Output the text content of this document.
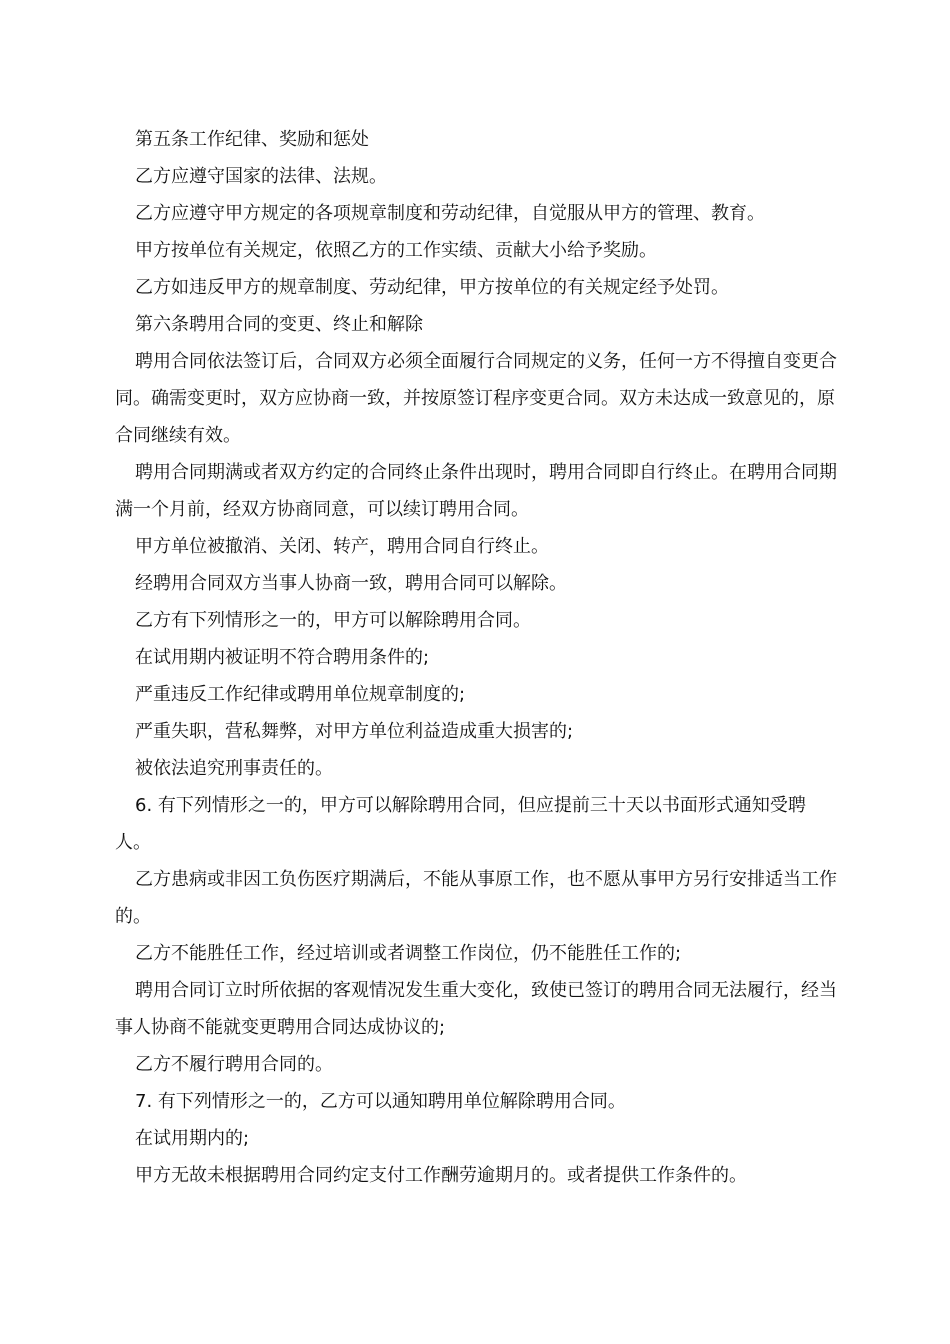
第五条工作纪律、奖励和惩处

乙方应遵守国家的法律、法规。

乙方应遵守甲方规定的各项规章制度和劳动纪律，自觉服从甲方的管理、教育。

甲方按单位有关规定，依照乙方的工作实绩、贡献大小给予奖励。

乙方如违反甲方的规章制度、劳动纪律，甲方按单位的有关规定经予处罚。

第六条聘用合同的变更、终止和解除

聘用合同依法签订后，合同双方必须全面履行合同规定的义务，任何一方不得擅自变更合同。确需变更时，双方应协商一致，并按原签订程序变更合同。双方未达成一致意见的，原合同继续有效。

聘用合同期满或者双方约定的合同终止条件出现时，聘用合同即自行终止。在聘用合同期满一个月前，经双方协商同意，可以续订聘用合同。

甲方单位被撤消、关闭、转产，聘用合同自行终止。

经聘用合同双方当事人协商一致，聘用合同可以解除。

乙方有下列情形之一的，甲方可以解除聘用合同。

在试用期内被证明不符合聘用条件的;

严重违反工作纪律或聘用单位规章制度的;

严重失职，营私舞弊，对甲方单位利益造成重大损害的;

被依法追究刑事责任的。

6. 有下列情形之一的，甲方可以解除聘用合同，但应提前三十天以书面形式通知受聘人。

乙方患病或非因工负伤医疗期满后，不能从事原工作，也不愿从事甲方另行安排适当工作的。

乙方不能胜任工作，经过培训或者调整工作岗位，仍不能胜任工作的;

聘用合同订立时所依据的客观情况发生重大变化，致使已签订的聘用合同无法履行，经当事人协商不能就变更聘用合同达成协议的;

乙方不履行聘用合同的。

7. 有下列情形之一的，乙方可以通知聘用单位解除聘用合同。

在试用期内的;

甲方无故未根据聘用合同约定支付工作酬劳逾期月的。或者提供工作条件的。
